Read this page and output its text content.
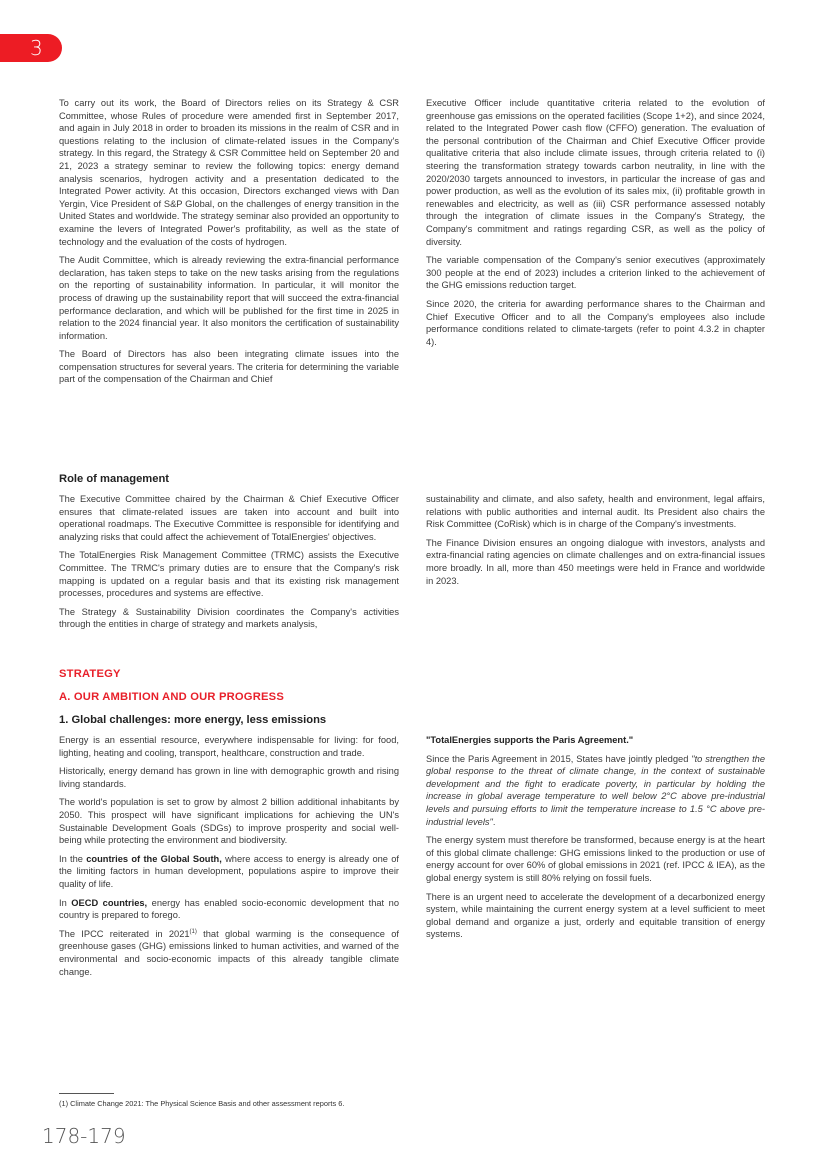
3

To carry out its work, the Board of Directors relies on its Strategy & CSR Committee, whose Rules of procedure were amended first in September 2017, and again in July 2018 in order to broaden its missions in the realm of CSR and in questions relating to the inclusion of climate-related issues in the Company's strategy. In this regard, the Strategy & CSR Committee held on September 20 and 21, 2023 a strategy seminar to review the following topics: energy demand analysis scenarios, hydrogen activity and a presentation dedicated to the Integrated Power activity. At this occasion, Directors exchanged views with Dan Yergin, Vice President of S&P Global, on the challenges of energy transition in the United States and worldwide. The strategy seminar also provided an opportunity to examine the levers of Integrated Power's profitability, as well as the state of technology and the evaluation of the costs of hydrogen.

The Audit Committee, which is already reviewing the extra-financial performance declaration, has taken steps to take on the new tasks arising from the regulations on the reporting of sustainability information. In particular, it will monitor the process of drawing up the sustainability report that will succeed the extra-financial performance declaration, and which will be published for the first time in 2025 in relation to the 2024 financial year. It also monitors the certification of sustainability information.

The Board of Directors has also been integrating climate issues into the compensation structures for several years. The criteria for determining the variable part of the compensation of the Chairman and Chief

Executive Officer include quantitative criteria related to the evolution of greenhouse gas emissions on the operated facilities (Scope 1+2), and since 2024, related to the Integrated Power cash flow (CFFO) generation. The evaluation of the personal contribution of the Chairman and Chief Executive Officer provide qualitative criteria that also include climate issues, through criteria related to (i) steering the transformation strategy towards carbon neutrality, in line with the 2020/2030 targets announced to investors, in particular the increase of gas and power production, as well as the evolution of its sales mix, (ii) profitable growth in renewables and electricity, as well as (iii) CSR performance assessed notably through the integration of climate issues in the Company's Strategy, the Company's commitment and ratings regarding CSR, as well as the policy of diversity.

The variable compensation of the Company's senior executives (approximately 300 people at the end of 2023) includes a criterion linked to the achievement of the GHG emissions reduction target.

Since 2020, the criteria for awarding performance shares to the Chairman and Chief Executive Officer and to all the Company's employees also include performance conditions related to climate-targets (refer to point 4.3.2 in chapter 4).

Role of management

The Executive Committee chaired by the Chairman & Chief Executive Officer ensures that climate-related issues are taken into account and built into operational roadmaps. The Executive Committee is responsible for identifying and analyzing risks that could affect the achievement of TotalEnergies' objectives.

The TotalEnergies Risk Management Committee (TRMC) assists the Executive Committee. The TRMC's primary duties are to ensure that the Company's risk mapping is updated on a regular basis and that its existing risk management processes, procedures and systems are effective.

The Strategy & Sustainability Division coordinates the Company's activities through the entities in charge of strategy and markets analysis,

sustainability and climate, and also safety, health and environment, legal affairs, relations with public authorities and internal audit. Its President also chairs the Risk Committee (CoRisk) which is in charge of the Company's investments.

The Finance Division ensures an ongoing dialogue with investors, analysts and extra-financial rating agencies on climate challenges and on extra-financial issues more broadly. In all, more than 450 meetings were held in France and worldwide in 2023.

STRATEGY
A. OUR AMBITION AND OUR PROGRESS
1. Global challenges: more energy, less emissions

Energy is an essential resource, everywhere indispensable for living: for food, lighting, heating and cooling, transport, healthcare, construction and trade.

Historically, energy demand has grown in line with demographic growth and rising living standards.

The world's population is set to grow by almost 2 billion additional inhabitants by 2050. This prospect will have significant implications for achieving the UN's Sustainable Development Goals (SDGs) to improve prosperity and social well-being while protecting the environment and biodiversity.

In the countries of the Global South, where access to energy is already one of the limiting factors in human development, populations aspire to improve their quality of life.

In OECD countries, energy has enabled socio-economic development that no country is prepared to forego.

The IPCC reiterated in 2021$^{(1)}$ that global warming is the consequence of greenhouse gases (GHG) emissions linked to human activities, and warned of the environmental and socio-economic impacts of this already tangible climate change.

"TotalEnergies supports the Paris Agreement."

Since the Paris Agreement in 2015, States have jointly pledged "to strengthen the global response to the threat of climate change, in the context of sustainable development and the fight to eradicate poverty, in particular by holding the increase in global average temperature to well below 2°C above pre-industrial levels and pursuing efforts to limit the temperature increase to 1.5 °C above pre-industrial levels".

The energy system must therefore be transformed, because energy is at the heart of this global climate challenge: GHG emissions linked to the production or use of energy account for over 60% of global emissions in 2021 (ref. IPCC & IEA), as the global energy system is still 80% relying on fossil fuels.

There is an urgent need to accelerate the development of a decarbonized energy system, while maintaining the current energy system at a level sufficient to meet global demand and organize a just, orderly and equitable transition of energy systems.

(1) Climate Change 2021: The Physical Science Basis and other assessment reports 6.
178-179
